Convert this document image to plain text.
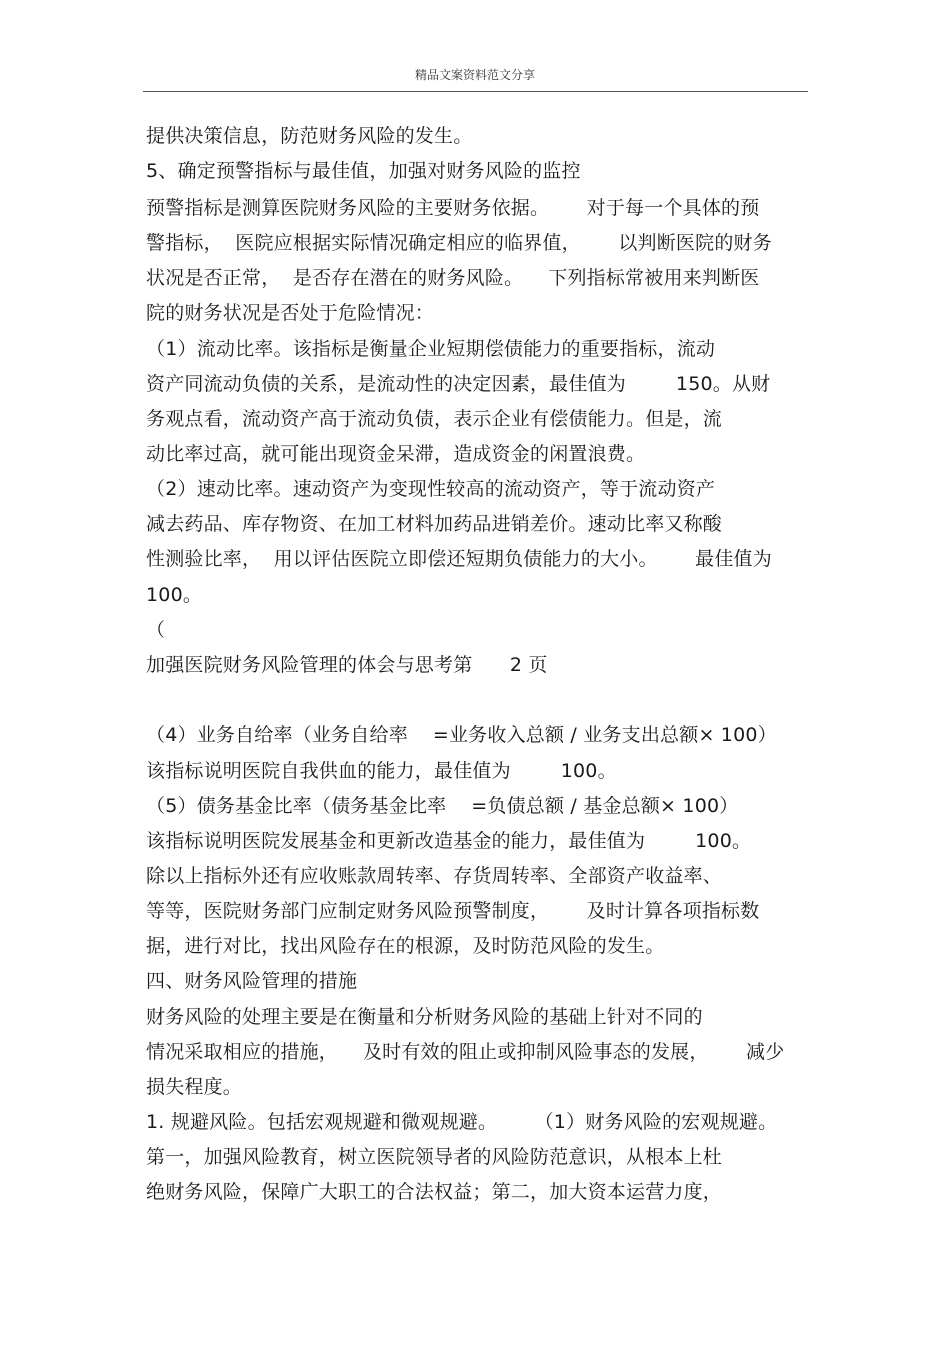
精品文案资料范文分享
提供决策信息，防范财务风险的发生。
5、确定预警指标与最佳值，加强对财务风险的监控
预警指标是测算医院财务风险的主要财务依据。      对于每一个具体的预
警指标，  医院应根据实际情况确定相应的临界值，      以判断医院的财务
状况是否正常，  是否存在潜在的财务风险。    下列指标常被用来判断医
院的财务状况是否处于危险情况：
（1）流动比率。该指标是衡量企业短期偿债能力的重要指标，流动
资产同流动负债的关系，是流动性的决定因素，最佳值为        150。从财
务观点看，流动资产高于流动负债，表示企业有偿债能力。但是，流
动比率过高，就可能出现资金呆滞，造成资金的闲置浪费。
（2）速动比率。速动资产为变现性较高的流动资产，等于流动资产
减去药品、库存物资、在加工材料加药品进销差价。速动比率又称酸
性测验比率，  用以评估医院立即偿还短期负债能力的大小。      最佳值为
100。
（
加强医院财务风险管理的体会与思考第      2 页
（4）业务自给率（业务自给率    =业务收入总额 / 业务支出总额× 100）
该指标说明医院自我供血的能力，最佳值为        100。
（5）债务基金比率（债务基金比率    =负债总额 / 基金总额× 100）
该指标说明医院发展基金和更新改造基金的能力，最佳值为        100。
除以上指标外还有应收账款周转率、存货周转率、全部资产收益率、
等等，医院财务部门应制定财务风险预警制度，      及时计算各项指标数
据，进行对比，找出风险存在的根源，及时防范风险的发生。
四、财务风险管理的措施
财务风险的处理主要是在衡量和分析财务风险的基础上针对不同的
情况采取相应的措施，    及时有效的阻止或抑制风险事态的发展，      减少
损失程度。
1. 规避风险。包括宏观规避和微观规避。      （1）财务风险的宏观规避。
第一，加强风险教育，树立医院领导者的风险防范意识，从根本上杜
绝财务风险，保障广大职工的合法权益；第二，加大资本运营力度，
